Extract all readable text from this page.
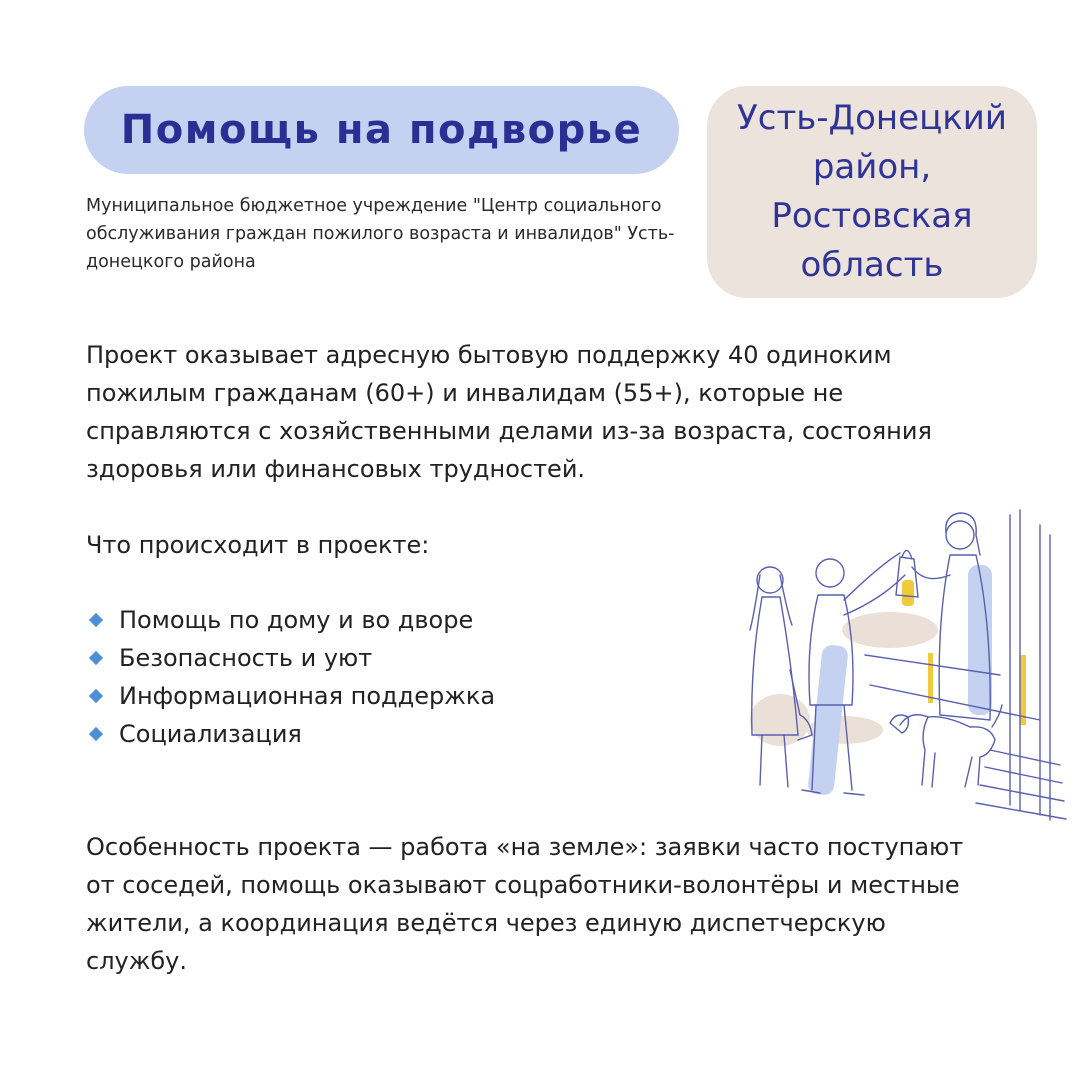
Помощь на подворье
Муниципальное бюджетное учреждение "Центр социального обслуживания граждан пожилого возраста и инвалидов" Усть-донецкого района
Усть-Донецкий
район,
Ростовская
область

Проект оказывает адресную бытовую поддержку 40 одиноким пожилым гражданам (60+) и инвалидам (55+), которые не справляются с хозяйственными делами из-за возраста, состояния здоровья или финансовых трудностей.

Что происходит в проекте:
Помощь по дому и во дворе
Безопасность и уют
Информационная поддержка
Социализация

Особенность проекта — работа «на земле»: заявки часто поступают от соседей, помощь оказывают соцработники-волонтёры и местные жители, а координация ведётся через единую диспетчерскую службу.
